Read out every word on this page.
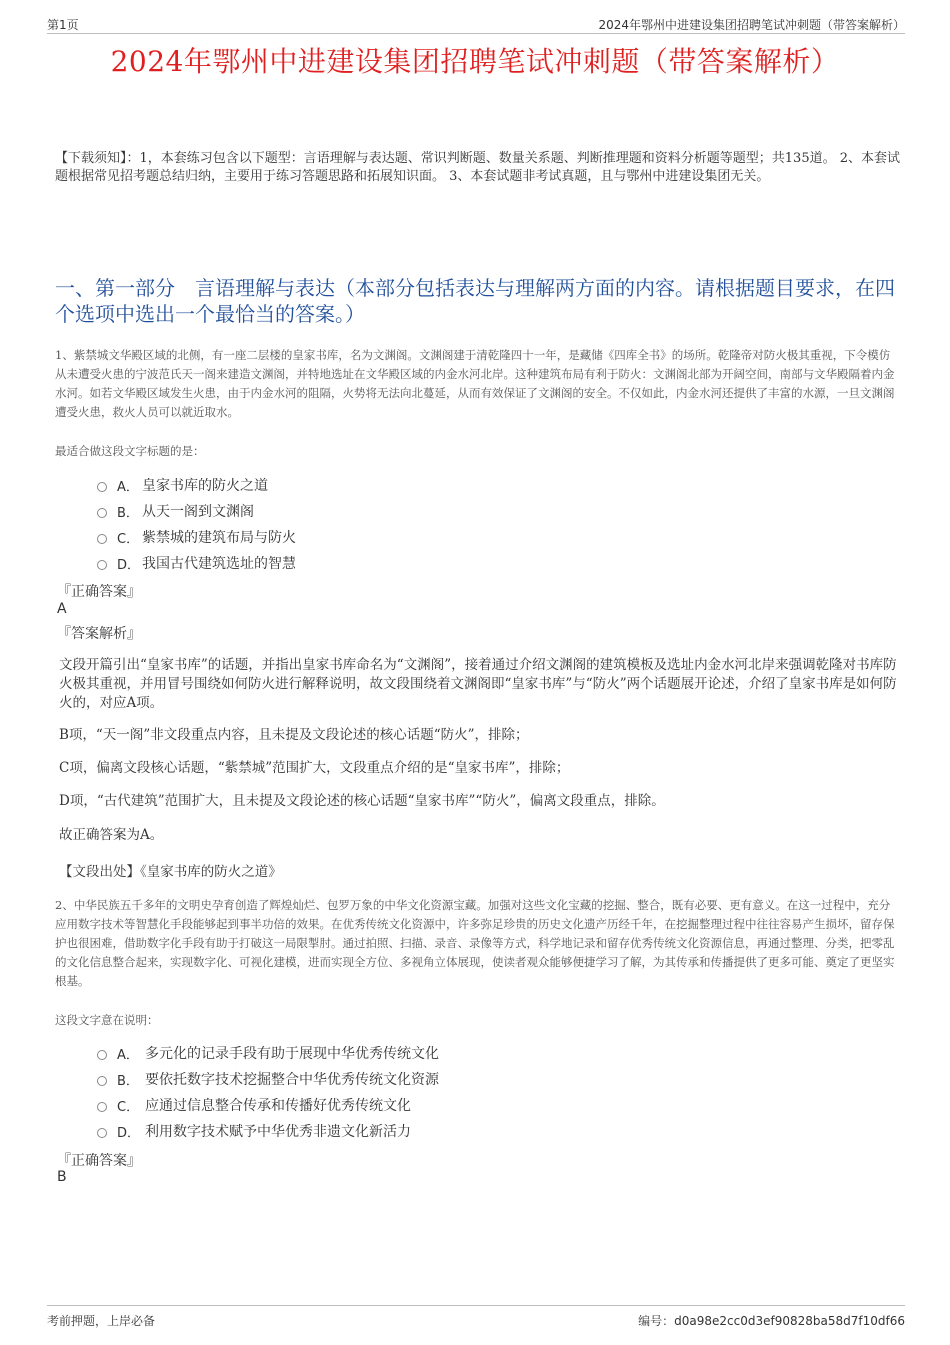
第1页	2024年鄂州中进建设集团招聘笔试冲刺题（带答案解析）
2024年鄂州中进建设集团招聘笔试冲刺题（带答案解析）
【下载须知】：1，本套练习包含以下题型：言语理解与表达题、常识判断题、数量关系题、判断推理题和资料分析题等题型；共135道。 2、本套试题根据常见招考题总结归纳，主要用于练习答题思路和拓展知识面。 3、本套试题非考试真题，且与鄂州中进建设集团无关。
一、第一部分　言语理解与表达（本部分包括表达与理解两方面的内容。请根据题目要求，在四个选项中选出一个最恰当的答案。）

1、紫禁城文华殿区域的北侧，有一座二层楼的皇家书库，名为文渊阁。文渊阁建于清乾隆四十一年，是藏储《四库全书》的场所。乾隆帝对防火极其重视，下令模仿从未遭受火患的宁波范氏天一阁来建造文渊阁，并特地选址在文华殿区域的内金水河北岸。这种建筑布局有利于防火：文渊阁北部为开阔空间，南部与文华殿隔着内金水河。如若文华殿区域发生火患，由于内金水河的阻隔，火势将无法向北蔓延，从而有效保证了文渊阁的安全。不仅如此，内金水河还提供了丰富的水源，一旦文渊阁遭受火患，救火人员可以就近取水。

最适合做这段文字标题的是：

A． 皇家书库的防火之道
B． 从天一阁到文渊阁
C． 紫禁城的建筑布局与防火
D． 我国古代建筑选址的智慧
『正确答案』
A
『答案解析』

文段开篇引出“皇家书库”的话题，并指出皇家书库命名为“文渊阁”，接着通过介绍文渊阁的建筑模板及选址内金水河北岸来强调乾隆对书库防火极其重视，并用冒号围绕如何防火进行解释说明，故文段围绕着文渊阁即“皇家书库”与“防火”两个话题展开论述，介绍了皇家书库是如何防火的，对应A项。

B项，“天一阁”非文段重点内容，且未提及文段论述的核心话题“防火”，排除；

C项，偏离文段核心话题，“紫禁城”范围扩大，文段重点介绍的是“皇家书库”，排除；

D项，“古代建筑”范围扩大，且未提及文段论述的核心话题“皇家书库”“防火”，偏离文段重点，排除。

故正确答案为A。

【文段出处】《皇家书库的防火之道》

2、中华民族五千多年的文明史孕育创造了辉煌灿烂、包罗万象的中华文化资源宝藏。加强对这些文化宝藏的挖掘、整合，既有必要、更有意义。在这一过程中，充分应用数字技术等智慧化手段能够起到事半功倍的效果。在优秀传统文化资源中，许多弥足珍贵的历史文化遗产历经千年，在挖掘整理过程中往往容易产生损坏，留存保护也很困难，借助数字化手段有助于打破这一局限掣肘。通过拍照、扫描、录音、录像等方式，科学地记录和留存优秀传统文化资源信息，再通过整理、分类，把零乱的文化信息整合起来，实现数字化、可视化建模，进而实现全方位、多视角立体展现，使读者观众能够便捷学习了解，为其传承和传播提供了更多可能、奠定了更坚实根基。

这段文字意在说明：

A． 多元化的记录手段有助于展现中华优秀传统文化
B． 要依托数字技术挖掘整合中华优秀传统文化资源
C． 应通过信息整合传承和传播好优秀传统文化
D． 利用数字技术赋予中华优秀非遗文化新活力
『正确答案』
B
考前押题，上岸必备	编号：d0a98e2cc0d3ef90828ba58d7f10df66
